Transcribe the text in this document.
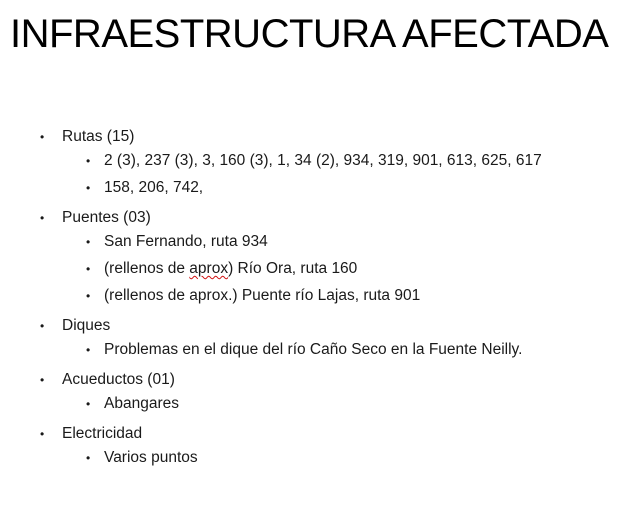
INFRAESTRUCTURA AFECTADA
• Rutas (15)
• 2 (3), 237 (3), 3, 160 (3), 1, 34 (2), 934, 319, 901, 613, 625, 617
• 158, 206, 742,
• Puentes (03)
• San Fernando, ruta 934
• (rellenos de aprox) Río Ora, ruta 160
• (rellenos de aprox.) Puente río Lajas, ruta 901
• Diques
• Problemas en el dique del río Caño Seco en la Fuente Neilly.
• Acueductos (01)
• Abangares
• Electricidad
• Varios puntos
